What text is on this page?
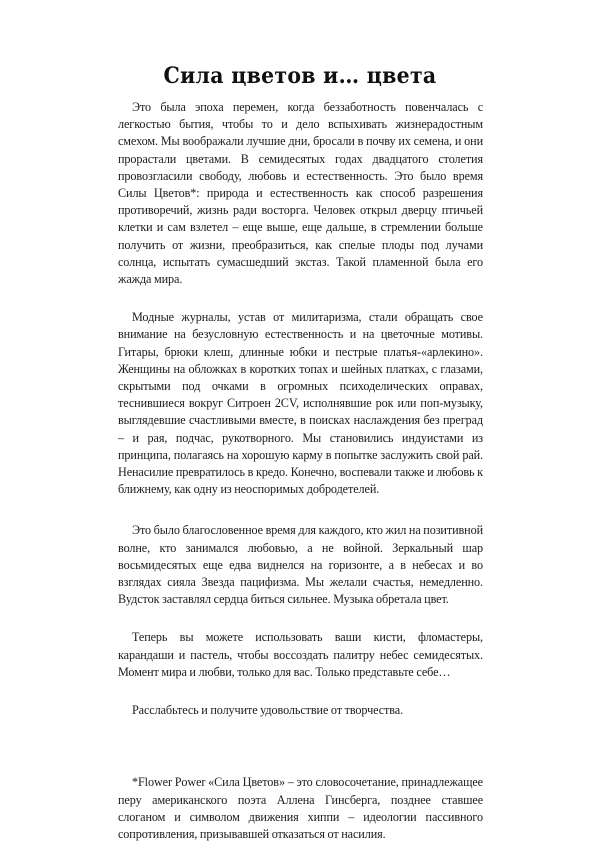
Сила цветов и… цвета

Это была эпоха перемен, когда беззаботность повенчалась с легкостью бытия, чтобы то и дело вспыхивать жизнерадостным смехом. Мы воображали лучшие дни, бросали в почву их семена, и они прорастали цветами. В семидесятых годах двадцатого столетия провозгласили свободу, любовь и естественность. Это было время Силы Цветов*: природа и естественность как способ разрешения противоречий, жизнь ради восторга. Человек открыл дверцу птичьей клетки и сам взлетел – еще выше, еще дальше, в стремлении больше получить от жизни, преобразиться, как спелые плоды под лучами солнца, испытать сумасшедший экстаз. Такой пламенной была его жажда мира.

Модные журналы, устав от милитаризма, стали обращать свое внимание на безусловную естественность и на цветочные мотивы. Гитары, брюки клеш, длинные юбки и пестрые платья-«арлекино». Женщины на обложках в коротких топах и шейных платках, с глазами, скрытыми под очками в огромных психоделических оправах, теснившиеся вокруг Ситроен 2CV, исполнявшие рок или поп-музыку, выглядевшие счастливыми вместе, в поисках наслаждения без преград – и рая, подчас, рукотворного. Мы становились индуистами из принципа, полагаясь на хорошую карму в попытке заслужить свой рай. Ненасилие превратилось в кредо. Конечно, воспевали также и любовь к ближнему, как одну из неоспоримых добродетелей.

Это было благословенное время для каждого, кто жил на позитивной волне, кто занимался любовью, а не войной. Зеркальный шар восьмидесятых еще едва виднелся на горизонте, а в небесах и во взглядах сияла Звезда пацифизма. Мы желали счастья, немедленно. Вудсток заставлял сердца биться сильнее. Музыка обретала цвет.

Теперь вы можете использовать ваши кисти, фломастеры, карандаши и пастель, чтобы воссоздать палитру небес семидесятых. Момент мира и любви, только для вас. Только представьте себе…

Расслабьтесь и получите удовольствие от творчества.

*Flower Power «Сила Цветов» – это словосочетание, принадлежащее перу американского поэта Аллена Гинсберга, позднее ставшее слоганом и символом движения хиппи – идеологии пассивного сопротивления, призывавшей отказаться от насилия.
